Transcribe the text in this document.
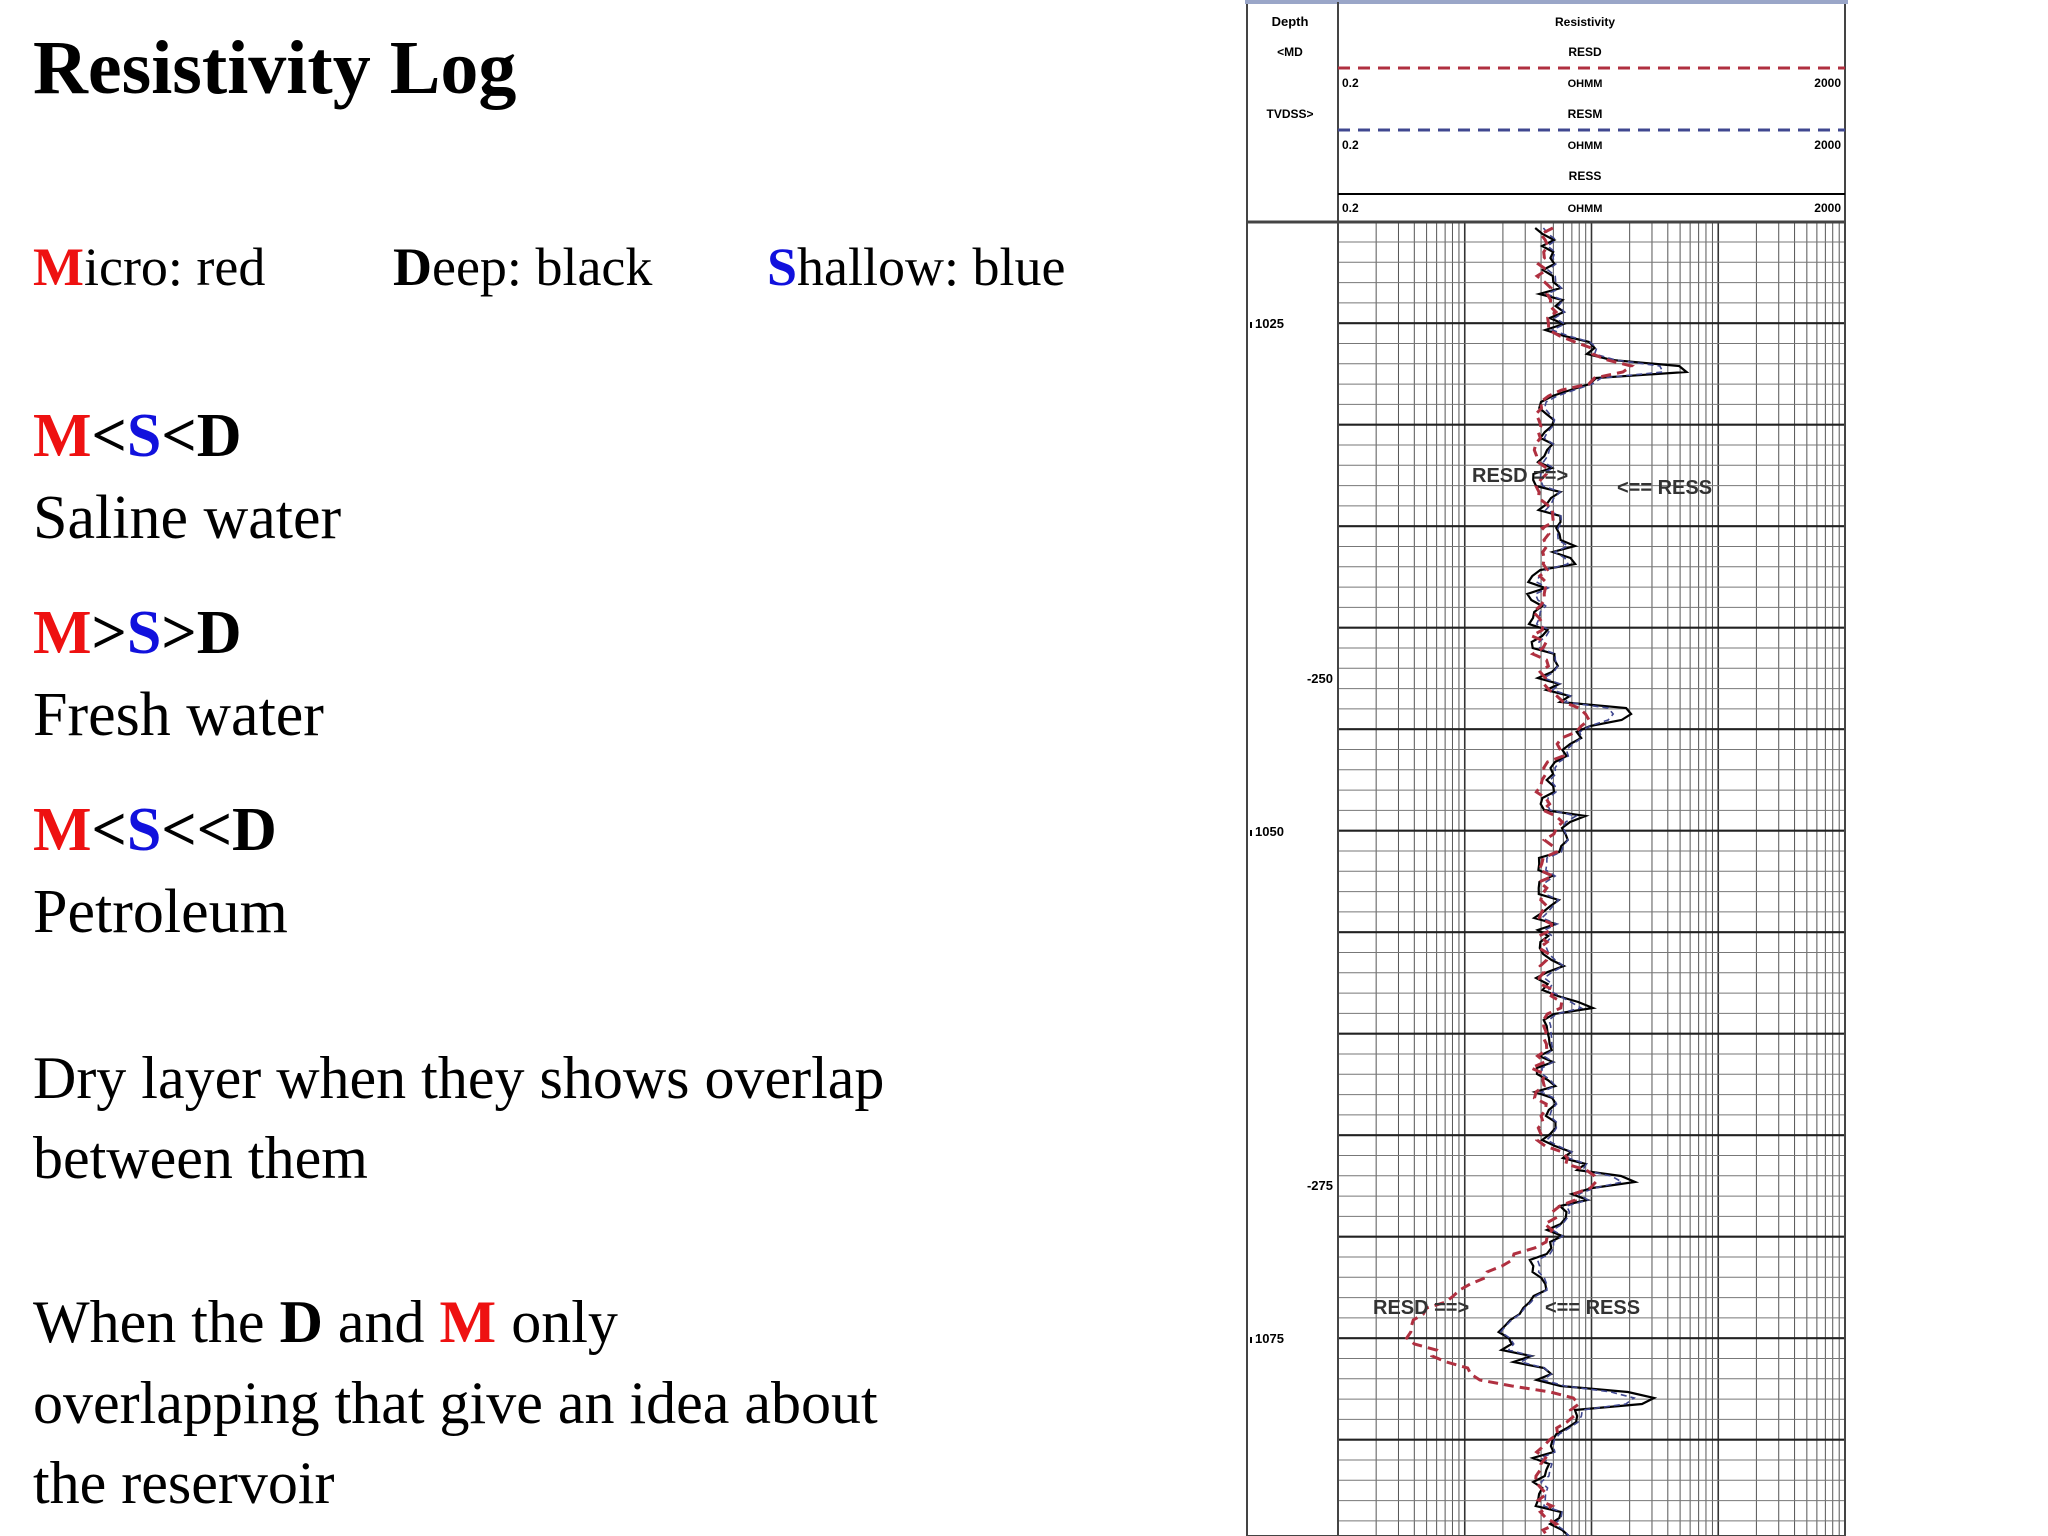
Resistivity Log
Micro: red Deep: black Shallow: blue
M<S<D
Saline water
M>S>D
Fresh water
M<S<<D
Petroleum
Dry layer when they shows overlap
between them
When the D and M only
overlapping that give an idea about
the reservoir
Depth
<MD
TVDSS>
Resistivity
RESD
0.2	OHMM	2000
RESM
0.2	OHMM	2000
RESS
0.2	OHMM	2000
1025
-250
1050
-275
1075
RESD ==>
<== RESS
RESD ==>	<== RESS
